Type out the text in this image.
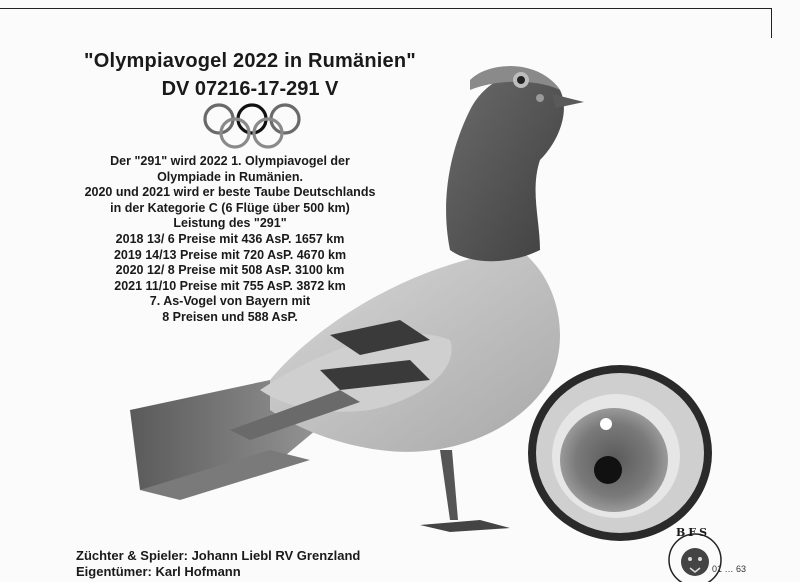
"Olympiavogel 2022 in Rumänien"
DV 07216-17-291 V
Der "291" wird 2022 1. Olympiavogel der
Olympiade in Rumänien.
2020 und 2021 wird er beste Taube Deutschlands
in der Kategorie C (6 Flüge über 500 km)
Leistung des "291"
2018 13/ 6 Preise mit 436 AsP. 1657 km
2019 14/13 Preise mit 720 AsP. 4670 km
2020 12/ 8 Preise mit 508 AsP. 3100 km
2021 11/10 Preise mit 755 AsP. 3872 km
7. As-Vogel von Bayern mit
8 Preisen und 588 AsP.
Züchter & Spieler: Johann Liebl RV Grenzland
Eigentümer: Karl Hofmann
BFS
01 … 63
